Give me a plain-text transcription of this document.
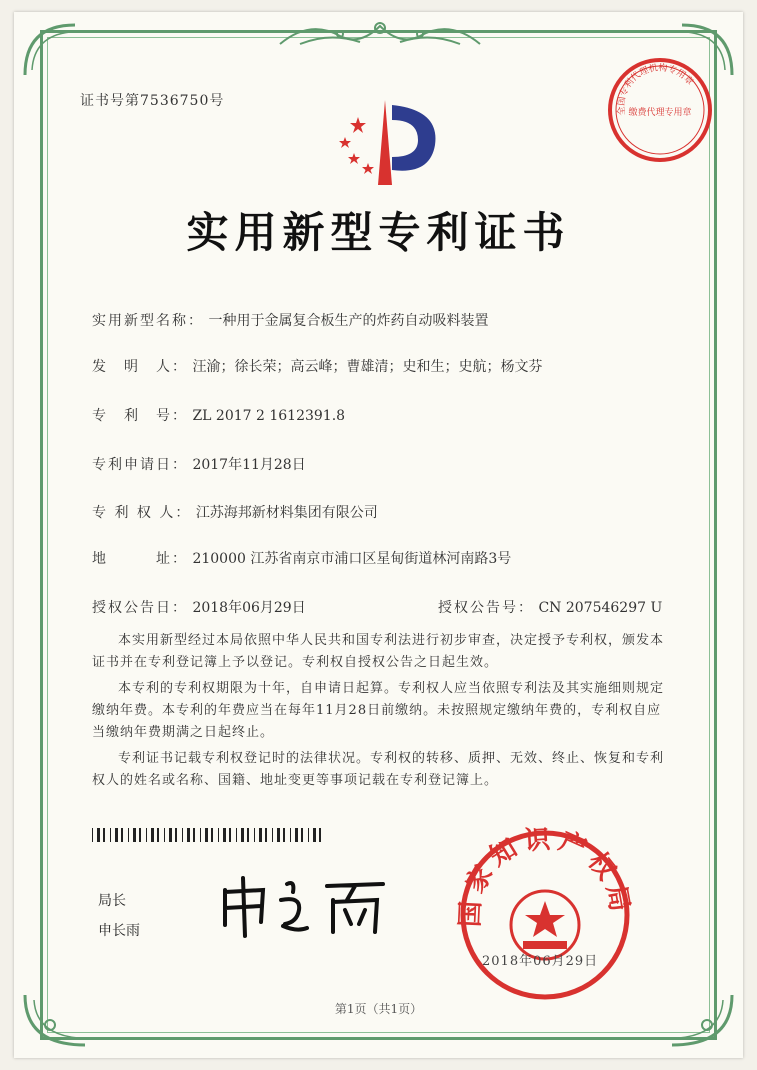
证书号第7536750号
全国专利代理机构专用章
缴费代理专用章
实用新型专利证书
实用新型名称： 一种用于金属复合板生产的炸药自动吸料装置
发　明　人： 汪渝；徐长荣；高云峰；曹雄清；史和生；史航；杨文芬
专　利　号： ZL 2017 2 1612391.8
专利申请日： 2017年11月28日
专 利 权 人： 江苏海邦新材料集团有限公司
地　　　址： 210000 江苏省南京市浦口区星甸街道林河南路3号
授权公告日： 2018年06月29日	授权公告号： CN 207546297 U
本实用新型经过本局依照中华人民共和国专利法进行初步审查，决定授予专利权，颁发本证书并在专利登记簿上予以登记。专利权自授权公告之日起生效。
本专利的专利权期限为十年，自申请日起算。专利权人应当依照专利法及其实施细则规定缴纳年费。本专利的年费应当在每年11月28日前缴纳。未按照规定缴纳年费的，专利权自应当缴纳年费期满之日起终止。
专利证书记载专利权登记时的法律状况。专利权的转移、质押、无效、终止、恢复和专利权人的姓名或名称、国籍、地址变更等事项记载在专利登记簿上。
局长
申长雨
国家知识产权局
2018年06月29日
第1页（共1页）
